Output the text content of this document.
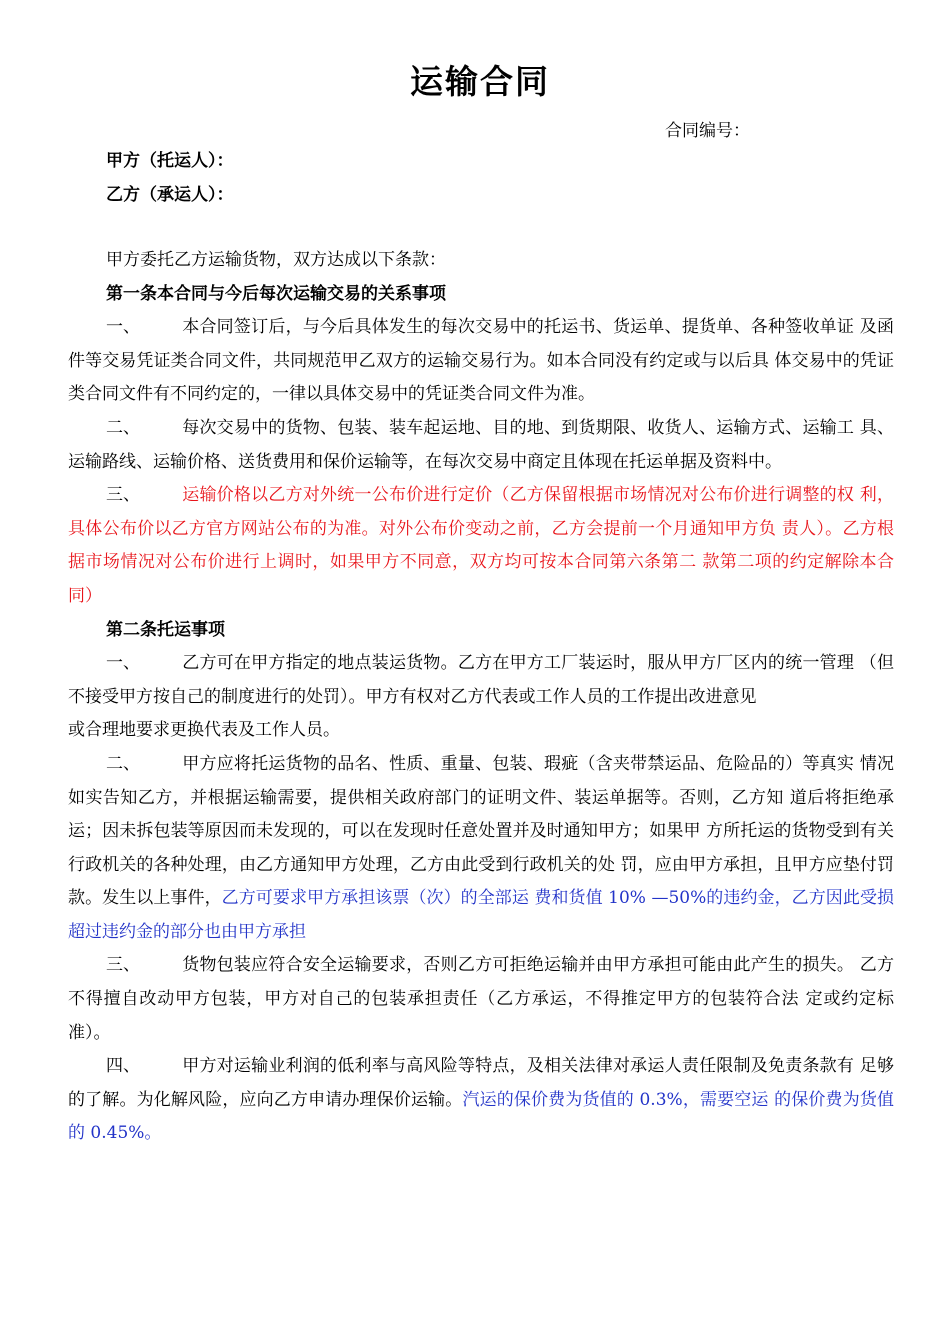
运输合同
合同编号：
甲方（托运人）：
乙方（承运人）：

甲方委托乙方运输货物，双方达成以下条款：

第一条本合同与今后每次运输交易的关系事项

一、 本合同签订后，与今后具体发生的每次交易中的托运书、货运单、提货单、各种签收单证 及函件等交易凭证类合同文件，共同规范甲乙双方的运输交易行为。如本合同没有约定或与以后具 体交易中的凭证类合同文件有不同约定的，一律以具体交易中的凭证类合同文件为准。

二、 每次交易中的货物、包装、装车起运地、目的地、到货期限、收货人、运输方式、运输工 具、运输路线、运输价格、送货费用和保价运输等，在每次交易中商定且体现在托运单据及资料中。

三、 运输价格以乙方对外统一公布价进行定价（乙方保留根据市场情况对公布价进行调整的权 利，具体公布价以乙方官方网站公布的为准。对外公布价变动之前，乙方会提前一个月通知甲方负 责人）。乙方根据市场情况对公布价进行上调时，如果甲方不同意，双方均可按本合同第六条第二 款第二项的约定解除本合同）

第二条托运事项

一、 乙方可在甲方指定的地点装运货物。乙方在甲方工厂装运时，服从甲方厂区内的统一管理 （但不接受甲方按自己的制度进行的处罚）。甲方有权对乙方代表或工作人员的工作提出改进意见

或合理地要求更换代表及工作人员。

二、 甲方应将托运货物的品名、性质、重量、包装、瑕疵（含夹带禁运品、危险品的）等真实 情况如实告知乙方，并根据运输需要，提供相关政府部门的证明文件、装运单据等。否则，乙方知 道后将拒绝承运；因未拆包装等原因而未发现的，可以在发现时任意处置并及时通知甲方；如果甲 方所托运的货物受到有关行政机关的各种处理，由乙方通知甲方处理，乙方由此受到行政机关的处 罚，应由甲方承担，且甲方应垫付罚款。发生以上事件，乙方可要求甲方承担该票（次）的全部运 费和货值 10% —50%的违约金，乙方因此受损超过违约金的部分也由甲方承担

三、 货物包装应符合安全运输要求，否则乙方可拒绝运输并由甲方承担可能由此产生的损失。 乙方不得擅自改动甲方包装，甲方对自己的包装承担责任（乙方承运，不得推定甲方的包装符合法 定或约定标准）。

四、 甲方对运输业利润的低利率与高风险等特点，及相关法律对承运人责任限制及免责条款有 足够的了解。为化解风险，应向乙方申请办理保价运输。汽运的保价费为货值的 0.3%，需要空运 的保价费为货值的 0.45%。
